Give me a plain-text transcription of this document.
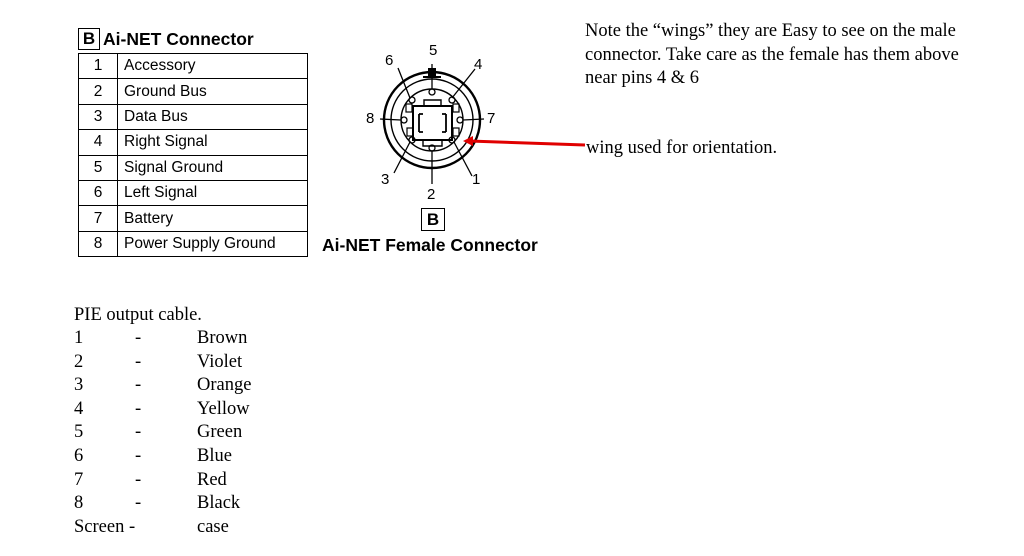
B Ai-NET Connector
1	Accessory
2	Ground Bus
3	Data Bus
4	Right Signal
5	Signal Ground
6	Left Signal
7	Battery
8	Power Supply Ground
5
4
6
8	7
3	1
2
B
Ai-NET Female Connector
Note the “wings” they are Easy to see on the male connector. Take care as the female has them above near pins 4 & 6
wing used for orientation.
PIE output cable.
1	-	Brown
2	-	Violet
3	-	Orange
4	-	Yellow
5	-	Green
6	-	Blue
7	-	Red
8	-	Black
Screen -	case
